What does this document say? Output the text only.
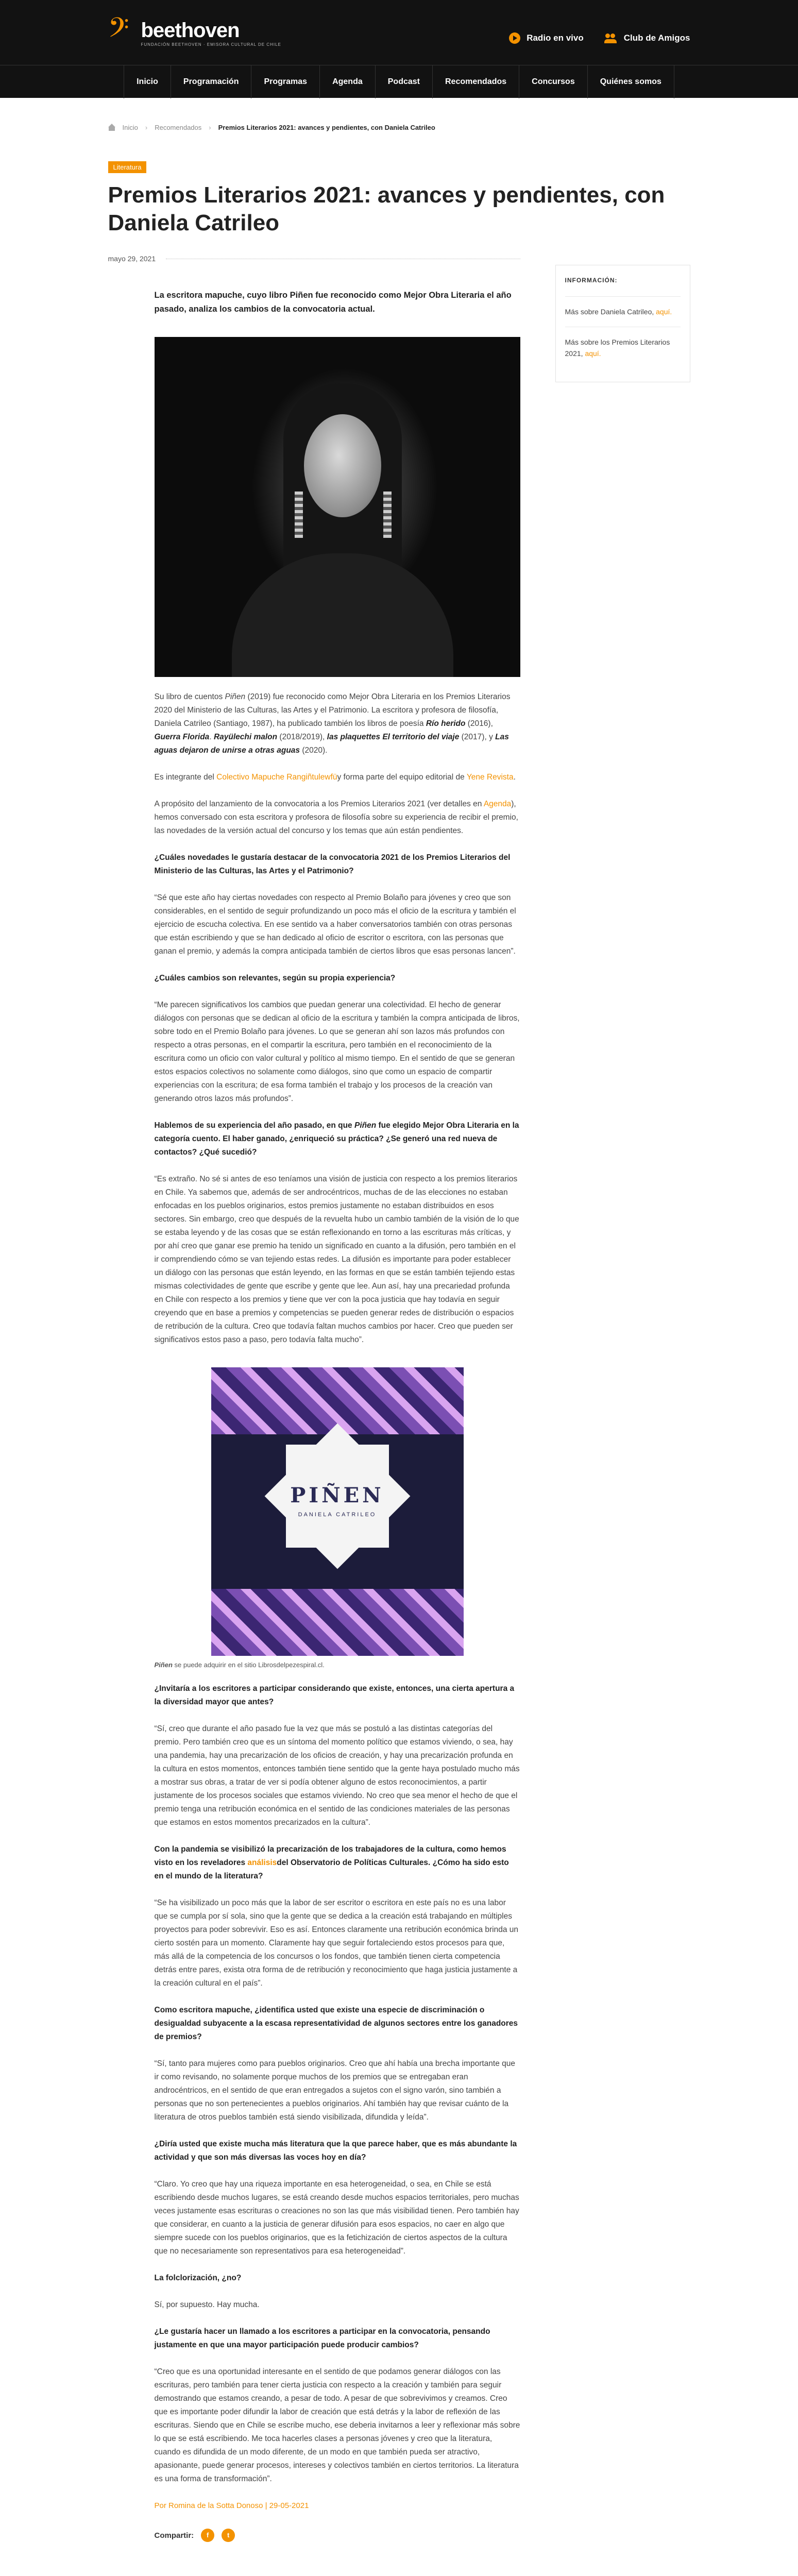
𝄢 beethoven
FUNDACIÓN BEETHOVEN · EMISORA CULTURAL DE CHILE
Radio en vivo	Club de Amigos
Inicio	Programación	Programas	Agenda	Podcast	Recomendados	Concursos	Quiénes somos
Inicio › Recomendados › Premios Literarios 2021: avances y pendientes, con Daniela Catrileo
Literatura
Premios Literarios 2021: avances y pendientes, con Daniela Catrileo
mayo 29, 2021
INFORMACIÓN:
Más sobre Daniela Catrileo, aquí.
Más sobre los Premios Literarios 2021, aquí.

La escritora mapuche, cuyo libro Piñen fue reconocido como Mejor Obra Literaria el año pasado, analiza los cambios de la convocatoria actual.

Su libro de cuentos Piñen (2019) fue reconocido como Mejor Obra Literaria en los Premios Literarios 2020 del Ministerio de las Culturas, las Artes y el Patrimonio. La escritora y profesora de filosofía, Daniela Catrileo (Santiago, 1987), ha publicado también los libros de poesía Río herido (2016), Guerra Florida. Rayülechi malon (2018/2019), las plaquettes El territorio del viaje (2017), y Las aguas dejaron de unirse a otras aguas (2020).

Es integrante del Colectivo Mapuche Rangiñtulewfüy forma parte del equipo editorial de Yene Revista.

A propósito del lanzamiento de la convocatoria a los Premios Literarios 2021 (ver detalles en Agenda), hemos conversado con esta escritora y profesora de filosofía sobre su experiencia de recibir el premio, las novedades de la versión actual del concurso y los temas que aún están pendientes.

¿Cuáles novedades le gustaría destacar de la convocatoria 2021 de los Premios Literarios del Ministerio de las Culturas, las Artes y el Patrimonio?

“Sé que este año hay ciertas novedades con respecto al Premio Bolaño para jóvenes y creo que son considerables, en el sentido de seguir profundizando un poco más el oficio de la escritura y también el ejercicio de escucha colectiva. En ese sentido va a haber conversatorios también con otras personas que están escribiendo y que se han dedicado al oficio de escritor o escritora, con las personas que ganan el premio, y además la compra anticipada también de ciertos libros que esas personas lancen”.

¿Cuáles cambios son relevantes, según su propia experiencia?

“Me parecen significativos los cambios que puedan generar una colectividad. El hecho de generar diálogos con personas que se dedican al oficio de la escritura y también la compra anticipada de libros, sobre todo en el Premio Bolaño para jóvenes. Lo que se generan ahí son lazos más profundos con respecto a otras personas, en el compartir la escritura, pero también en el reconocimiento de la escritura como un oficio con valor cultural y político al mismo tiempo. En el sentido de que se generan estos espacios colectivos no solamente como diálogos, sino que como un espacio de compartir experiencias con la escritura; de esa forma también el trabajo y los procesos de la creación van generando otros lazos más profundos”.

Hablemos de su experiencia del año pasado, en que Piñen fue elegido Mejor Obra Literaria en la categoría cuento. El haber ganado, ¿enriqueció su práctica? ¿Se generó una red nueva de contactos? ¿Qué sucedió?

“Es extraño. No sé si antes de eso teníamos una visión de justicia con respecto a los premios literarios en Chile. Ya sabemos que, además de ser androcéntricos, muchas de de las elecciones no estaban enfocadas en los pueblos originarios, estos premios justamente no estaban distribuidos en esos sectores. Sin embargo, creo que después de la revuelta hubo un cambio también de la visión de lo que se estaba leyendo y de las cosas que se están reflexionando en torno a las escrituras más críticas, y por ahí creo que ganar ese premio ha tenido un significado en cuanto a la difusión, pero también en el ir comprendiendo cómo se van tejiendo estas redes. La difusión es importante para poder establecer un diálogo con las personas que están leyendo, en las formas en que se están también tejiendo estas mismas colectividades de gente que escribe y gente que lee. Aun así, hay una precariedad profunda en Chile con respecto a los premios y tiene que ver con la poca justicia que hay todavía en seguir creyendo que en base a premios y competencias se pueden generar redes de distribución o espacios de retribución de la cultura. Creo que todavía faltan muchos cambios por hacer. Creo que pueden ser significativos estos paso a paso, pero todavía falta mucho”.

PIÑEN
DANIELA CATRILEO

Piñen se puede adquirir en el sitio Librosdelpezespiral.cl.

¿Invitaría a los escritores a participar considerando que existe, entonces, una cierta apertura a la diversidad mayor que antes?

“Sí, creo que durante el año pasado fue la vez que más se postuló a las distintas categorías del premio. Pero también creo que es un síntoma del momento político que estamos viviendo, o sea, hay una pandemia, hay una precarización de los oficios de creación, y hay una precarización profunda en la cultura en estos momentos, entonces también tiene sentido que la gente haya postulado mucho más a mostrar sus obras, a tratar de ver si podía obtener alguno de estos reconocimientos, a partir justamente de los procesos sociales que estamos viviendo. No creo que sea menor el hecho de que el premio tenga una retribución económica en el sentido de las condiciones materiales de las personas que estamos en estos momentos precarizados en la cultura”.

Con la pandemia se visibilizó la precarización de los trabajadores de la cultura, como hemos visto en los reveladores análisisdel Observatorio de Políticas Culturales. ¿Cómo ha sido esto en el mundo de la literatura?

“Se ha visibilizado un poco más que la labor de ser escritor o escritora en este país no es una labor que se cumpla por sí sola, sino que la gente que se dedica a la creación está trabajando en múltiples proyectos para poder sobrevivir. Eso es así. Entonces claramente una retribución económica brinda un cierto sostén para un momento. Claramente hay que seguir fortaleciendo estos procesos para que, más allá de la competencia de los concursos o los fondos, que también tienen cierta competencia detrás entre pares, exista otra forma de de retribución y reconocimiento que haga justicia justamente a la creación cultural en el país”.

Como escritora mapuche, ¿identifica usted que existe una especie de discriminación o desigualdad subyacente a la escasa representatividad de algunos sectores entre los ganadores de premios?

“Sí, tanto para mujeres como para pueblos originarios. Creo que ahí había una brecha importante que ir como revisando, no solamente porque muchos de los premios que se entregaban eran androcéntricos, en el sentido de que eran entregados a sujetos con el signo varón, sino también a personas que no son pertenecientes a pueblos originarios. Ahí también hay que revisar cuánto de la literatura de otros pueblos también está siendo visibilizada, difundida y leída”.

¿Diría usted que existe mucha más literatura que la que parece haber, que es más abundante la actividad y que son más diversas las voces hoy en día?

“Claro. Yo creo que hay una riqueza importante en esa heterogeneidad, o sea, en Chile se está escribiendo desde muchos lugares, se está creando desde muchos espacios territoriales, pero muchas veces justamente esas escrituras o creaciones no son las que más visibilidad tienen. Pero también hay que considerar, en cuanto a la justicia de generar difusión para esos espacios, no caer en algo que siempre sucede con los pueblos originarios, que es la fetichización de ciertos aspectos de la cultura que no necesariamente son representativos para esa heterogeneidad”.

La folclorización, ¿no?

Sí, por supuesto. Hay mucha.

¿Le gustaría hacer un llamado a los escritores a participar en la convocatoria, pensando justamente en que una mayor participación puede producir cambios?

“Creo que es una oportunidad interesante en el sentido de que podamos generar diálogos con las escrituras, pero también para tener cierta justicia con respecto a la creación y también para seguir demostrando que estamos creando, a pesar de todo. A pesar de que sobrevivimos y creamos. Creo que es importante poder difundir la labor de creación que está detrás y la labor de reflexión de las escrituras. Siendo que en Chile se escribe mucho, ese deberia invitarnos a leer y reflexionar más sobre lo que se está escribiendo. Me toca hacerles clases a personas jóvenes y creo que la literatura, cuando es difundida de un modo diferente, de un modo en que también pueda ser atractivo, apasionante, puede generar procesos, intereses y colectivos también en ciertos territorios. La literatura es una forma de transformación”.

Por Romina de la Sotta Donoso | 29-05-2021

Compartir:	f	t
